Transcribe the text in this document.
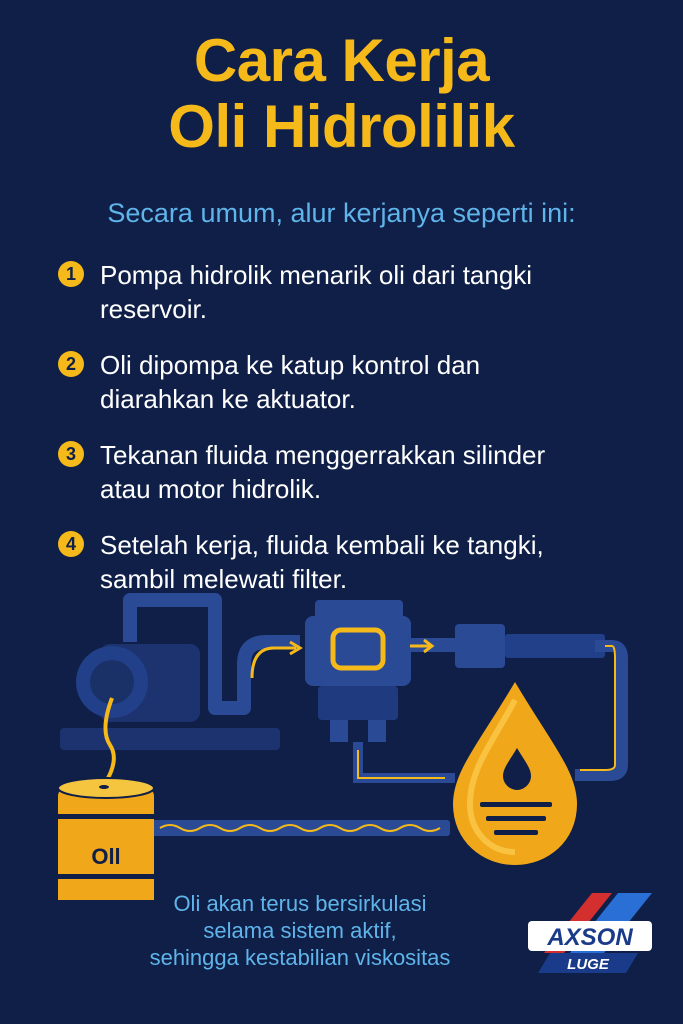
Cara Kerja
Oli Hidrolilik
Secara umum, alur kerjanya seperti ini:
1 Pompa hidrolik menarik oli dari tangki
reservoir.
2 Oli dipompa ke katup kontrol dan
diarahkan ke aktuator.
3 Tekanan fluida menggerrakkan silinder
atau motor hidrolik.
4 Setelah kerja, fluida kembali ke tangki,
sambil melewati filter.
Oll
Oli akan terus bersirkulasi
selama sistem aktif,
sehingga kestabilian viskositas
AXSON
LUGE
